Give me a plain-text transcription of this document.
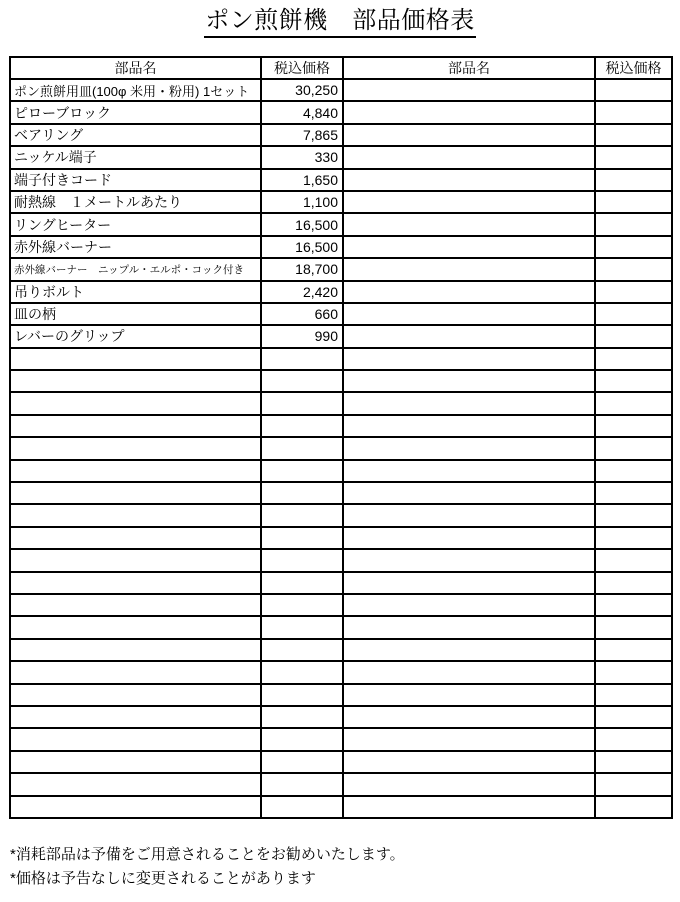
ポン煎餅機　部品価格表
部品名	税込価格	部品名	税込価格
ポン煎餅用皿(100φ 米用・粉用) 1セット	30,250		
ピローブロック	4,840		
ベアリング	7,865		
ニッケル端子	330		
端子付きコード	1,650		
耐熱線　１メートルあたり	1,100		
リングヒーター	16,500		
赤外線バーナー	16,500		
赤外線バーナー　ニップル・エルポ・コック付き	18,700		
吊りボルト	2,420		
皿の柄	660		
レバーのグリップ	990		

*消耗部品は予備をご用意されることをお勧めいたします。
*価格は予告なしに変更されることがあります
